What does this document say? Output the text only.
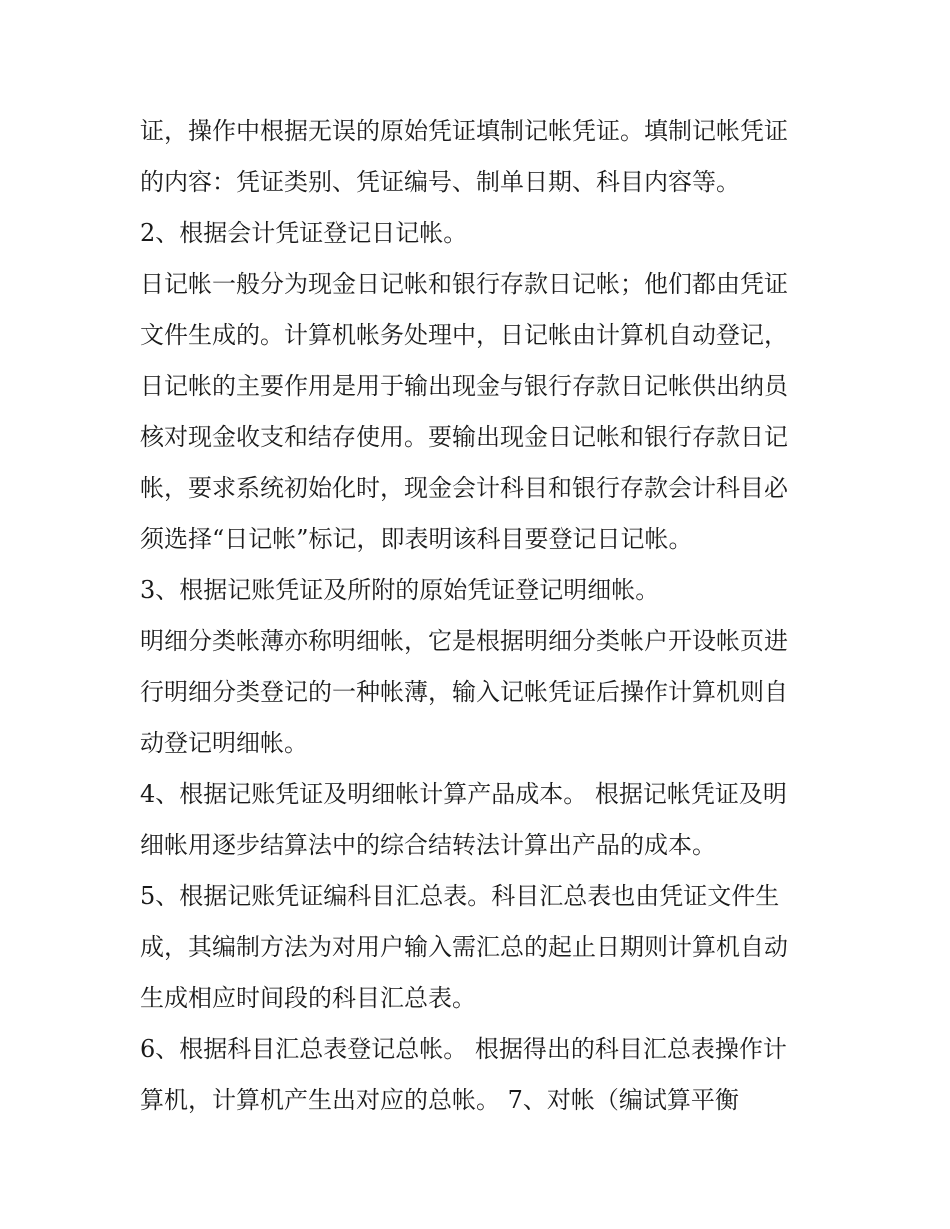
证，操作中根据无误的原始凭证填制记帐凭证。填制记帐凭证
的内容：凭证类别、凭证编号、制单日期、科目内容等。
2、根据会计凭证登记日记帐。
日记帐一般分为现金日记帐和银行存款日记帐；他们都由凭证
文件生成的。计算机帐务处理中，日记帐由计算机自动登记，
日记帐的主要作用是用于输出现金与银行存款日记帐供出纳员
核对现金收支和结存使用。要输出现金日记帐和银行存款日记
帐，要求系统初始化时，现金会计科目和银行存款会计科目必
须选择“日记帐”标记，即表明该科目要登记日记帐。
3、根据记账凭证及所附的原始凭证登记明细帐。
明细分类帐薄亦称明细帐，它是根据明细分类帐户开设帐页进
行明细分类登记的一种帐薄，输入记帐凭证后操作计算机则自
动登记明细帐。
4、根据记账凭证及明细帐计算产品成本。 根据记帐凭证及明
细帐用逐步结算法中的综合结转法计算出产品的成本。
5、根据记账凭证编科目汇总表。科目汇总表也由凭证文件生
成，其编制方法为对用户输入需汇总的起止日期则计算机自动
生成相应时间段的科目汇总表。
6、根据科目汇总表登记总帐。 根据得出的科目汇总表操作计
算机，计算机产生出对应的总帐。 7、对帐（编试算平衡
